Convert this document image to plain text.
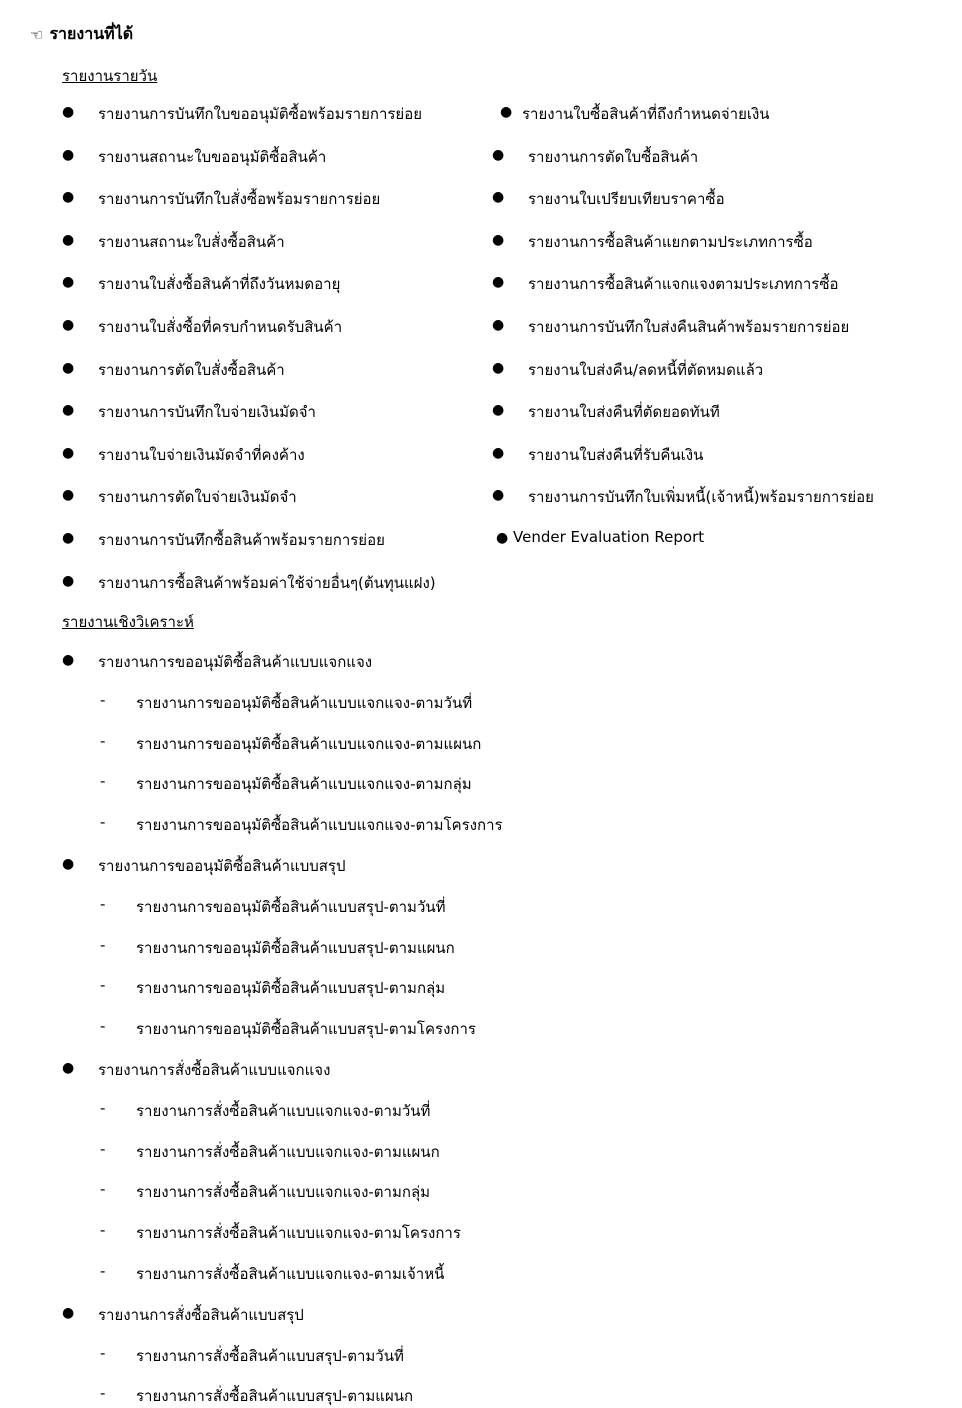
☜ รายงานที่ได้
รายงานรายวัน
● รายงานการบันทึกใบขออนุมัติซื้อพร้อมรายการย่อย
● รายงานสถานะใบขออนุมัติซื้อสินค้า
● รายงานการบันทึกใบสั่งซื้อพร้อมรายการย่อย
● รายงานสถานะใบสั่งซื้อสินค้า
● รายงานใบสั่งซื้อสินค้าที่ถึงวันหมดอายุ
● รายงานใบสั่งซื้อที่ครบกำหนดรับสินค้า
● รายงานการตัดใบสั่งซื้อสินค้า
● รายงานการบันทึกใบจ่ายเงินมัดจำ
● รายงานใบจ่ายเงินมัดจำที่คงค้าง
● รายงานการตัดใบจ่ายเงินมัดจำ
● รายงานการบันทึกซื้อสินค้าพร้อมรายการย่อย
● รายงานการซื้อสินค้าพร้อมค่าใช้จ่ายอื่นๆ(ต้นทุนแฝง)
● รายงานใบซื้อสินค้าที่ถึงกำหนดจ่ายเงิน
● รายงานการตัดใบซื้อสินค้า
● รายงานใบเปรียบเทียบราคาซื้อ
● รายงานการซื้อสินค้าแยกตามประเภทการซื้อ
● รายงานการซื้อสินค้าแจกแจงตามประเภทการซื้อ
● รายงานการบันทึกใบส่งคืนสินค้าพร้อมรายการย่อย
● รายงานใบส่งคืน/ลดหนี้ที่ตัดหมดแล้ว
● รายงานใบส่งคืนที่ตัดยอดทันที
● รายงานใบส่งคืนที่รับคืนเงิน
● รายงานการบันทึกใบเพิ่มหนี้(เจ้าหนี้)พร้อมรายการย่อย
● Vender Evaluation Report
รายงานเชิงวิเคราะห์
● รายงานการขออนุมัติซื้อสินค้าแบบแจกแจง
- รายงานการขออนุมัติซื้อสินค้าแบบแจกแจง-ตามวันที่
- รายงานการขออนุมัติซื้อสินค้าแบบแจกแจง-ตามแผนก
- รายงานการขออนุมัติซื้อสินค้าแบบแจกแจง-ตามกลุ่ม
- รายงานการขออนุมัติซื้อสินค้าแบบแจกแจง-ตามโครงการ
● รายงานการขออนุมัติซื้อสินค้าแบบสรุป
- รายงานการขออนุมัติซื้อสินค้าแบบสรุป-ตามวันที่
- รายงานการขออนุมัติซื้อสินค้าแบบสรุป-ตามแผนก
- รายงานการขออนุมัติซื้อสินค้าแบบสรุป-ตามกลุ่ม
- รายงานการขออนุมัติซื้อสินค้าแบบสรุป-ตามโครงการ
● รายงานการสั่งซื้อสินค้าแบบแจกแจง
- รายงานการสั่งซื้อสินค้าแบบแจกแจง-ตามวันที่
- รายงานการสั่งซื้อสินค้าแบบแจกแจง-ตามแผนก
- รายงานการสั่งซื้อสินค้าแบบแจกแจง-ตามกลุ่ม
- รายงานการสั่งซื้อสินค้าแบบแจกแจง-ตามโครงการ
- รายงานการสั่งซื้อสินค้าแบบแจกแจง-ตามเจ้าหนี้
● รายงานการสั่งซื้อสินค้าแบบสรุป
- รายงานการสั่งซื้อสินค้าแบบสรุป-ตามวันที่
- รายงานการสั่งซื้อสินค้าแบบสรุป-ตามแผนก
